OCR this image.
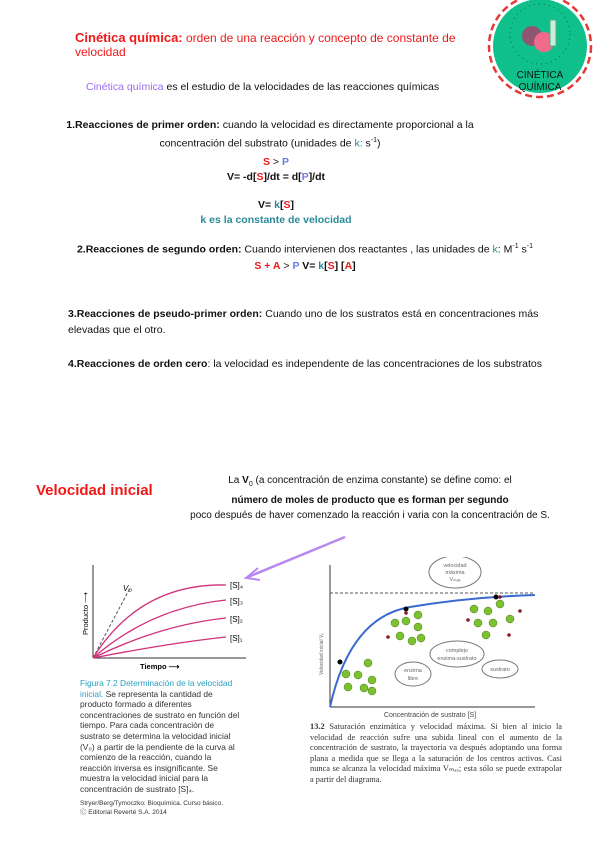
Cinética química: orden de una reacción y concepto de constante de velocidad
CINÉTICA
QUÍMICA
Cinética química es el estudio de la velocidades de las reacciones químicas
1.Reacciones de primer orden: cuando la velocidad es directamente proporcional a la
concentración del substrato (unidades de k: $s^{-1}$)
S > P
V= -d[S]/dt = d[P]/dt
V= k[S]
k es la constante de velocidad
2.Reacciones de segundo orden: Cuando intervienen dos reactantes , las unidades de k: $M^{-1}$ $s^{-1}$
S + A > P V= k[S] [A]
3.Reacciones de pseudo-primer orden: Cuando uno de los sustratos está en concentraciones más
elevadas que el otro.
4.Reacciones de orden cero: la velocidad es independente de las concentraciones de los substratos
Velocidad inicial
La $V_0$ (a concentración de enzima constante) se define como: el
número de moles de producto que es forman per segundo
poco después de haver comenzado la reacción i varia con la concentración de S.
V₀	[S]₄
[S]₃
[S]₂
[S]₁
Tiempo ⟶
Producto ⟶
Figura 7.2 Determinación de la velocidad inicial. Se representa la cantidad de producto formado a diferentes concentraciones de sustrato en función del tiempo. Para cada concentración de sustrato se determina la velocidad inicial (V₀) a partir de la pendiente de la curva al comienzo de la reacción, cuando la reacción inversa es insignificante. Se muestra la velocidad inicial para la concentración de sustrato [S]₄.
Stryer/Berg/Tymoczko: Bioquímica. Curso básico.
Ⓒ Editorial Reverté S.A. 2014
velocidad
máxima
Vₘₐₓ
complejo
enzima-sustrato
enzima
libre
sustrato
Concentración de sustrato [S]
Velocidad inicial V₀
13.2 Saturación enzimática y velocidad máxima. Si bien al inicio la velocidad de reacción sufre una subida lineal con el aumento de la concentración de sustrato, la trayectoria va después adoptando una forma plana a medida que se llega a la saturación de los centros activos. Casi nunca se alcanza la velocidad máxima Vₘₐₓ; esta sólo se puede extrapolar a partir del diagrama.
